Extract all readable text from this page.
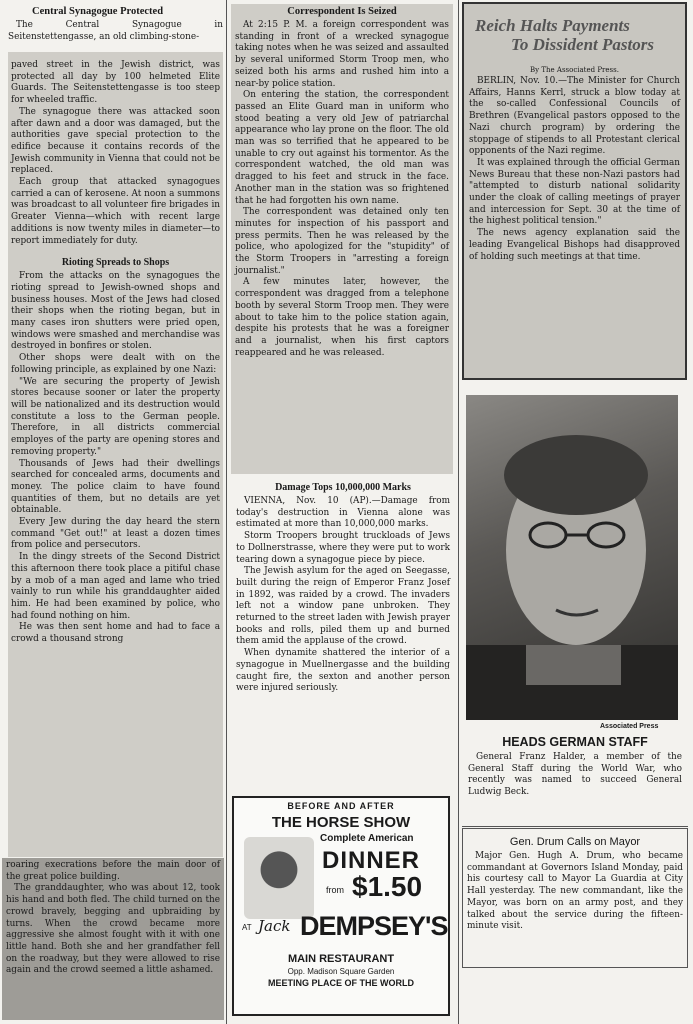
Central Synagogue Protected

The Central Synagogue in Seitenstettengasse, an old climbing-stone-

paved street in the Jewish district, was protected all day by 100 helmeted Elite Guards. The Seitenstettengasse is too steep for wheeled traffic.

The synagogue there was attacked soon after dawn and a door was damaged, but the authorities gave special protection to the edifice because it contains records of the Jewish community in Vienna that could not be replaced.

Each group that attacked synagogues carried a can of kerosene. At noon a summons was broadcast to all volunteer fire brigades in Greater Vienna—which with recent large additions is now twenty miles in diameter—to report immediately for duty.

Rioting Spreads to Shops

From the attacks on the synagogues the rioting spread to Jewish-owned shops and business houses. Most of the Jews had closed their shops when the rioting began, but in many cases iron shutters were pried open, windows were smashed and merchandise was destroyed in bonfires or stolen.

Other shops were dealt with on the following principle, as explained by one Nazi:

"We are securing the property of Jewish stores because sooner or later the property will be nationalized and its destruction would constitute a loss to the German people. Therefore, in all districts commercial employes of the party are opening stores and removing property."

Thousands of Jews had their dwellings searched for concealed arms, documents and money. The police claim to have found quantities of them, but no details are yet obtainable.

Every Jew during the day heard the stern command "Get out!" at least a dozen times from police and persecutors.

In the dingy streets of the Second District this afternoon there took place a pitiful chase by a mob of a man aged and lame who tried vainly to run while his granddaughter aided him. He had been examined by police, who had found nothing on him.

He was then sent home and had to face a crowd a thousand strong

roaring execrations before the main door of the great police building.

The granddaughter, who was about 12, took his hand and both fled. The child turned on the crowd bravely, begging and upbraiding by turns. When the crowd became more aggressive she almost fought with it with one little hand. Both she and her grandfather fell on the roadway, but they were allowed to rise again and the crowd seemed a little ashamed.

Correspondent Is Seized

At 2:15 P. M. a foreign correspondent was standing in front of a wrecked synagogue taking notes when he was seized and assaulted by several uniformed Storm Troop men, who seized both his arms and rushed him into a near-by police station.

On entering the station, the correspondent passed an Elite Guard man in uniform who stood beating a very old Jew of patriarchal appearance who lay prone on the floor. The old man was so terrified that he appeared to be unable to cry out against his tormentor. As the correspondent watched, the old man was dragged to his feet and struck in the face. Another man in the station was so frightened that he had forgotten his own name.

The correspondent was detained only ten minutes for inspection of his passport and press permits. Then he was released by the police, who apologized for the "stupidity" of the Storm Troopers in "arresting a foreign journalist."

A few minutes later, however, the correspondent was dragged from a telephone booth by several Storm Troop men. They were about to take him to the police station again, despite his protests that he was a foreigner and a journalist, when his first captors reappeared and he was released.

Damage Tops 10,000,000 Marks

VIENNA, Nov. 10 (AP).—Damage from today's destruction in Vienna alone was estimated at more than 10,000,000 marks.

Storm Troopers brought truckloads of Jews to Dollnerstrasse, where they were put to work tearing down a synagogue piece by piece.

The Jewish asylum for the aged on Seegasse, built during the reign of Emperor Franz Josef in 1892, was raided by a crowd. The invaders left not a window pane unbroken. They returned to the street laden with Jewish prayer books and rolls, piled them up and burned them amid the applause of the crowd.

When dynamite shattered the interior of a synagogue in Muellnergasse and the building caught fire, the sexton and another person were injured seriously.

BEFORE AND AFTER
THE HORSE SHOW
Complete American
DINNER
from $1.50
AT Jack DEMPSEY'S
MAIN RESTAURANT
Opp. Madison Square Garden
MEETING PLACE OF THE WORLD
Reich Halts Payments
To Dissident Pastors
By The Associated Press.

BERLIN, Nov. 10.—The Minister for Church Affairs, Hanns Kerrl, struck a blow today at the so-called Confessional Councils of Brethren (Evangelical pastors opposed to the Nazi church program) by ordering the stoppage of stipends to all Protestant clerical opponents of the Nazi regime.

It was explained through the official German News Bureau that these non-Nazi pastors had "attempted to disturb national solidarity under the cloak of calling meetings of prayer and intercession for Sept. 30 at the time of the highest political tension."

The news agency explanation said the leading Evangelical Bishops had disapproved of holding such meetings at that time.

Associated Press
HEADS GERMAN STAFF

General Franz Halder, a member of the General Staff during the World War, who recently was named to succeed General Ludwig Beck.

Gen. Drum Calls on Mayor

Major Gen. Hugh A. Drum, who became commandant at Governors Island Monday, paid his courtesy call to Mayor La Guardia at City Hall yesterday. The new commandant, like the Mayor, was born on an army post, and they talked about the service during the fifteen-minute visit.
